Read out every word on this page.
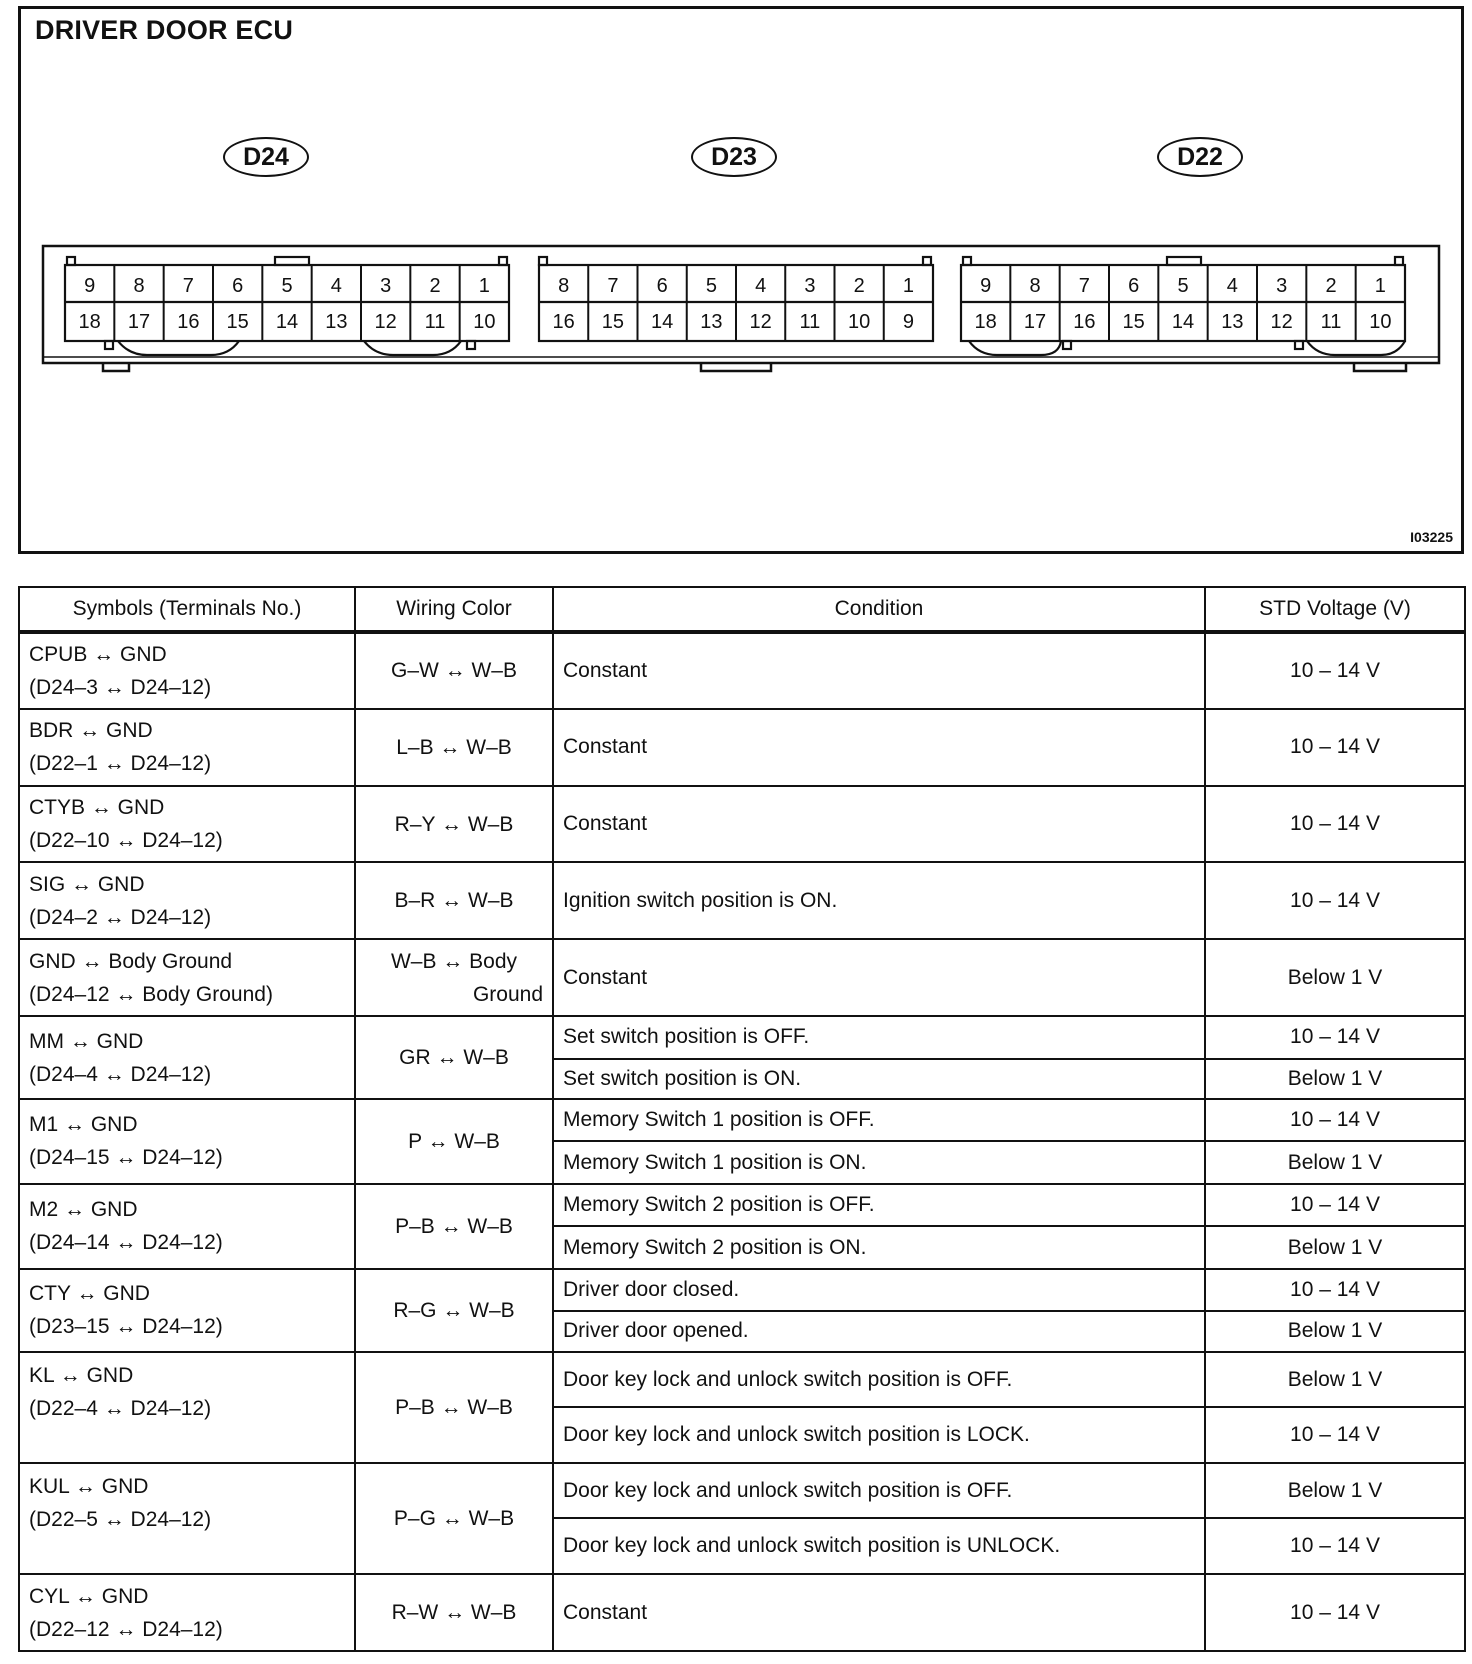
DRIVER DOOR ECU
D24	D23	D22
9
18
8
17
7
16
6
15
5
14
4
13
3
12
2
11
1
10
8
16
7
15
6
14
5
13
4
12
3
11
2
10
1
9
9
18
8
17
7
16
6
15
5
14
4
13
3
12
2
11
1
10
I03225
Symbols (Terminals No.)	Wiring Color	Condition	STD Voltage (V)

CPUB ↔ GND
(D24–3 ↔ D24–12)	G–W ↔ W–B	Constant	10 – 14 V

BDR ↔ GND
(D22–1 ↔ D24–12)	L–B ↔ W–B	Constant	10 – 14 V

CTYB ↔ GND
(D22–10 ↔ D24–12)	R–Y ↔ W–B	Constant	10 – 14 V

SIG ↔ GND
(D24–2 ↔ D24–12)	B–R ↔ W–B	Ignition switch position is ON.	10 – 14 V

GND ↔ Body Ground
(D24–12 ↔ Body Ground)	W–B ↔ Body
Ground	Constant	Below 1 V

MM ↔ GND
(D24–4 ↔ D24–12)	GR ↔ W–B	Set switch position is OFF.	10 – 14 V
		Set switch position is ON.	Below 1 V

M1 ↔ GND
(D24–15 ↔ D24–12)	P ↔ W–B	Memory Switch 1 position is OFF.	10 – 14 V
		Memory Switch 1 position is ON.	Below 1 V

M2 ↔ GND
(D24–14 ↔ D24–12)	P–B ↔ W–B	Memory Switch 2 position is OFF.	10 – 14 V
		Memory Switch 2 position is ON.	Below 1 V

CTY ↔ GND
(D23–15 ↔ D24–12)	R–G ↔ W–B	Driver door closed.	10 – 14 V
		Driver door opened.	Below 1 V

KL ↔ GND
(D22–4 ↔ D24–12)	P–B ↔ W–B	Door key lock and unlock switch position is OFF.	Below 1 V
		Door key lock and unlock switch position is LOCK.	10 – 14 V

KUL ↔ GND
(D22–5 ↔ D24–12)	P–G ↔ W–B	Door key lock and unlock switch position is OFF.	Below 1 V
		Door key lock and unlock switch position is UNLOCK.	10 – 14 V

CYL ↔ GND
(D22–12 ↔ D24–12)	R–W ↔ W–B	Constant	10 – 14 V
